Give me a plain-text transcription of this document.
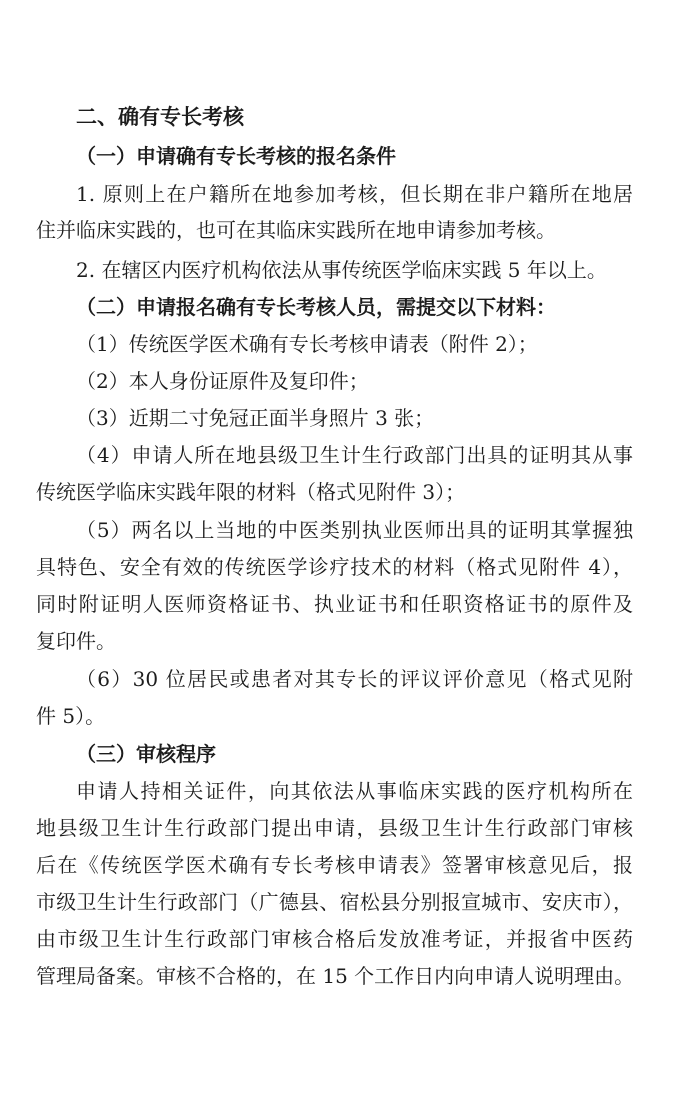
二、确有专长考核
（一）申请确有专长考核的报名条件
1. 原则上在户籍所在地参加考核，但长期在非户籍所在地居
住并临床实践的，也可在其临床实践所在地申请参加考核。
2. 在辖区内医疗机构依法从事传统医学临床实践 5 年以上。
（二）申请报名确有专长考核人员，需提交以下材料：
（1）传统医学医术确有专长考核申请表（附件 2）；
（2）本人身份证原件及复印件；
（3）近期二寸免冠正面半身照片 3 张；
（4）申请人所在地县级卫生计生行政部门出具的证明其从事
传统医学临床实践年限的材料（格式见附件 3）；
（5）两名以上当地的中医类别执业医师出具的证明其掌握独
具特色、安全有效的传统医学诊疗技术的材料（格式见附件 4），
同时附证明人医师资格证书、执业证书和任职资格证书的原件及
复印件。
（6）30 位居民或患者对其专长的评议评价意见（格式见附
件 5）。
（三）审核程序
申请人持相关证件，向其依法从事临床实践的医疗机构所在
地县级卫生计生行政部门提出申请，县级卫生计生行政部门审核
后在《传统医学医术确有专长考核申请表》签署审核意见后，报
市级卫生计生行政部门（广德县、宿松县分别报宣城市、安庆市），
由市级卫生计生行政部门审核合格后发放准考证，并报省中医药
管理局备案。审核不合格的，在 15 个工作日内向申请人说明理由。
